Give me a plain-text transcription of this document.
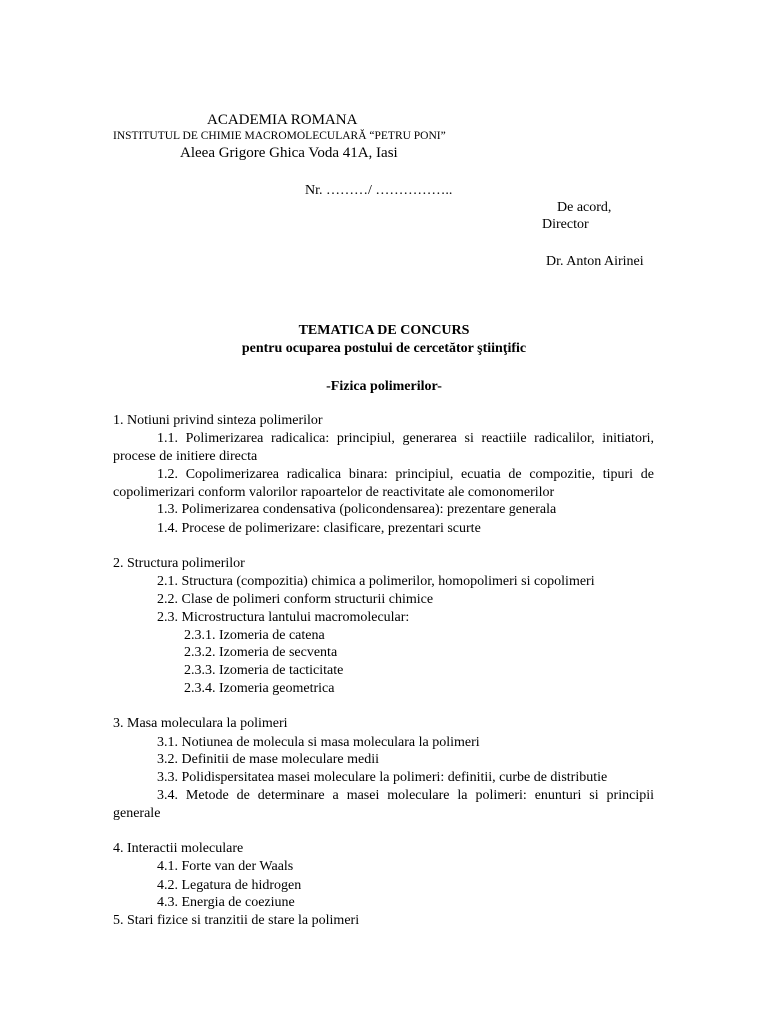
ACADEMIA ROMANA
INSTITUTUL DE CHIMIE MACROMOLECULARĂ “PETRU PONI”
Aleea Grigore Ghica Voda 41A, Iasi
Nr. ………/ ……………..
De acord,
Director
Dr. Anton Airinei
TEMATICA DE CONCURS
pentru ocuparea postului de cercetător ştiinţific
-Fizica polimerilor-
1. Notiuni privind sinteza polimerilor
1.1. Polimerizarea radicalica: principiul, generarea si reactiile radicalilor, initiatori, procese de initiere directa
1.2. Copolimerizarea radicalica binara: principiul, ecuatia de compozitie, tipuri de copolimerizari conform valorilor rapoartelor de reactivitate ale comonomerilor
1.3. Polimerizarea condensativa (policondensarea): prezentare generala
1.4. Procese de polimerizare: clasificare, prezentari scurte
2. Structura polimerilor
2.1. Structura (compozitia) chimica a polimerilor, homopolimeri si copolimeri
2.2. Clase de polimeri conform structurii chimice
2.3. Microstructura lantului macromolecular:
2.3.1. Izomeria de catena
2.3.2. Izomeria de secventa
2.3.3. Izomeria de tacticitate
2.3.4. Izomeria geometrica
3. Masa moleculara la polimeri
3.1. Notiunea de molecula si masa moleculara la polimeri
3.2. Definitii de mase moleculare medii
3.3. Polidispersitatea masei moleculare la polimeri: definitii, curbe de distributie
3.4. Metode de determinare a masei moleculare la polimeri: enunturi si principii generale
4. Interactii moleculare
4.1. Forte van der Waals
4.2. Legatura de hidrogen
4.3. Energia de coeziune
5. Stari fizice si tranzitii de stare la polimeri
